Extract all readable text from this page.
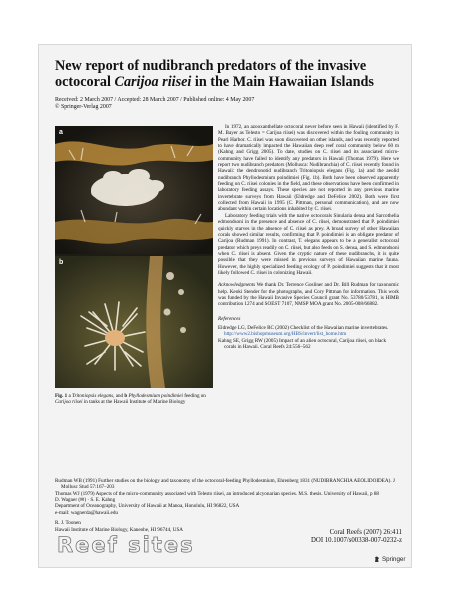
New report of nudibranch predators of the invasive octocoral Carijoa riisei in the Main Hawaiian Islands
Received: 2 March 2007 / Accepted: 28 March 2007 / Published online: 4 May 2007
© Springer-Verlag 2007
a
b
Fig. 1 a Tritoniopsis elegans, and b Phyllodesmium poindimiei feeding on Carijoa riisei in tanks at the Hawaii Institute of Marine Biology

In 1972, an azooxanthellate octocoral never before seen in Hawaii (identified by F. M. Bayer as Telesto = Carijoa riisei) was discovered within the fouling community in Pearl Harbor. C. riisei was soon discovered on other islands, and was recently reported to have dramatically impacted the Hawaiian deep reef coral community below 60 m (Kahng and Grigg 2005). To date, studies on C. riisei and its associated micro-community have failed to identify any predators in Hawaii (Thomas 1979). Here we report two nudibranch predators (Mollusca: Nudibranchia) of C. riisei recently found in Hawaii: the dendronotid nudibranch Tritoniopsis elegans (Fig. 1a) and the aeolid nudibranch Phyllodesmium poindimiei (Fig. 1b). Both have been observed apparently feeding on C. riisei colonies in the field, and these observations have been confirmed in laboratory feeding assays. These species are not reported in any previous marine invertebrate surveys from Hawaii (Eldredge and DeFelice 2002). Both were first collected from Hawaii in 1995 (C. Pittman, personal communication), and are now abundant within certain locations inhabited by C. riisei.

Laboratory feeding trials with the native octocorals Sinularia densa and Sarcothelia edmondsoni in the presence and absence of C. riisei, demonstrated that P. poindimiei quickly starves in the absence of C. riisei as prey. A broad survey of other Hawaiian corals showed similar results, confirming that P. poindimiei is an obligate predator of Carijoa (Rudman 1991). In contrast, T. elegans appears to be a generalist octocoral predator which preys readily on C. riisei, but also feeds on S. densa, and S. edmondsoni when C. riisei is absent. Given the cryptic nature of these nudibranchs, it is quite possible that they were missed in previous surveys of Hawaiian marine fauna. However, the highly specialized feeding ecology of P. poindimiei suggests that it most likely followed C. riisei in colonizing Hawaii.

Acknowledgments We thank Dr. Terrence Gosliner and Dr. Bill Rudman for taxonomic help. Keoki Stender for the photographs, and Cory Pittman for information. This work was funded by the Hawaii Invasive Species Council grant No. 53780/53781, is HIMB contribution 1274 and SOEST 7107, NMSP MOA grant No. 2005-008/66882.

References

Eldredge LG, DeFelice RC (2002) Checklist of the Hawaiian marine invertebrates. http://www2.bishopmuseum.org/HBS/invert/list_home.htm

Kahng SE, Grigg RW (2005) Impact of an alien octocoral, Carijoa riisei, on black corals in Hawaii. Coral Reefs 24:556–562

Rudman WB (1991) Further studies on the biology and taxonomy of the octocoral-feeding Phyllodesmium, Ehrenberg 1831 (NUDIBRANCHIA AEOLIDOIDEA). J Mollusc Stud 57:167–203

Thomas WJ (1979) Aspects of the micro-community associated with Telesto riisei, an introduced alcyonarian species. M.S. thesis. University of Hawaii, p 88

D. Wagner (✉) · S. E. Kahng

Department of Oceanography, University of Hawaii at Manoa, Honolulu, HI 96822, USA

e-mail: wagnerda@hawaii.edu

R. J. Toonen

Hawaii Institute of Marine Biology, Kaneohe, HI 96744, USA

Reef sites
Coral Reefs (2007) 26:411
DOI 10.1007/s00338-007-0232-z
Springer
